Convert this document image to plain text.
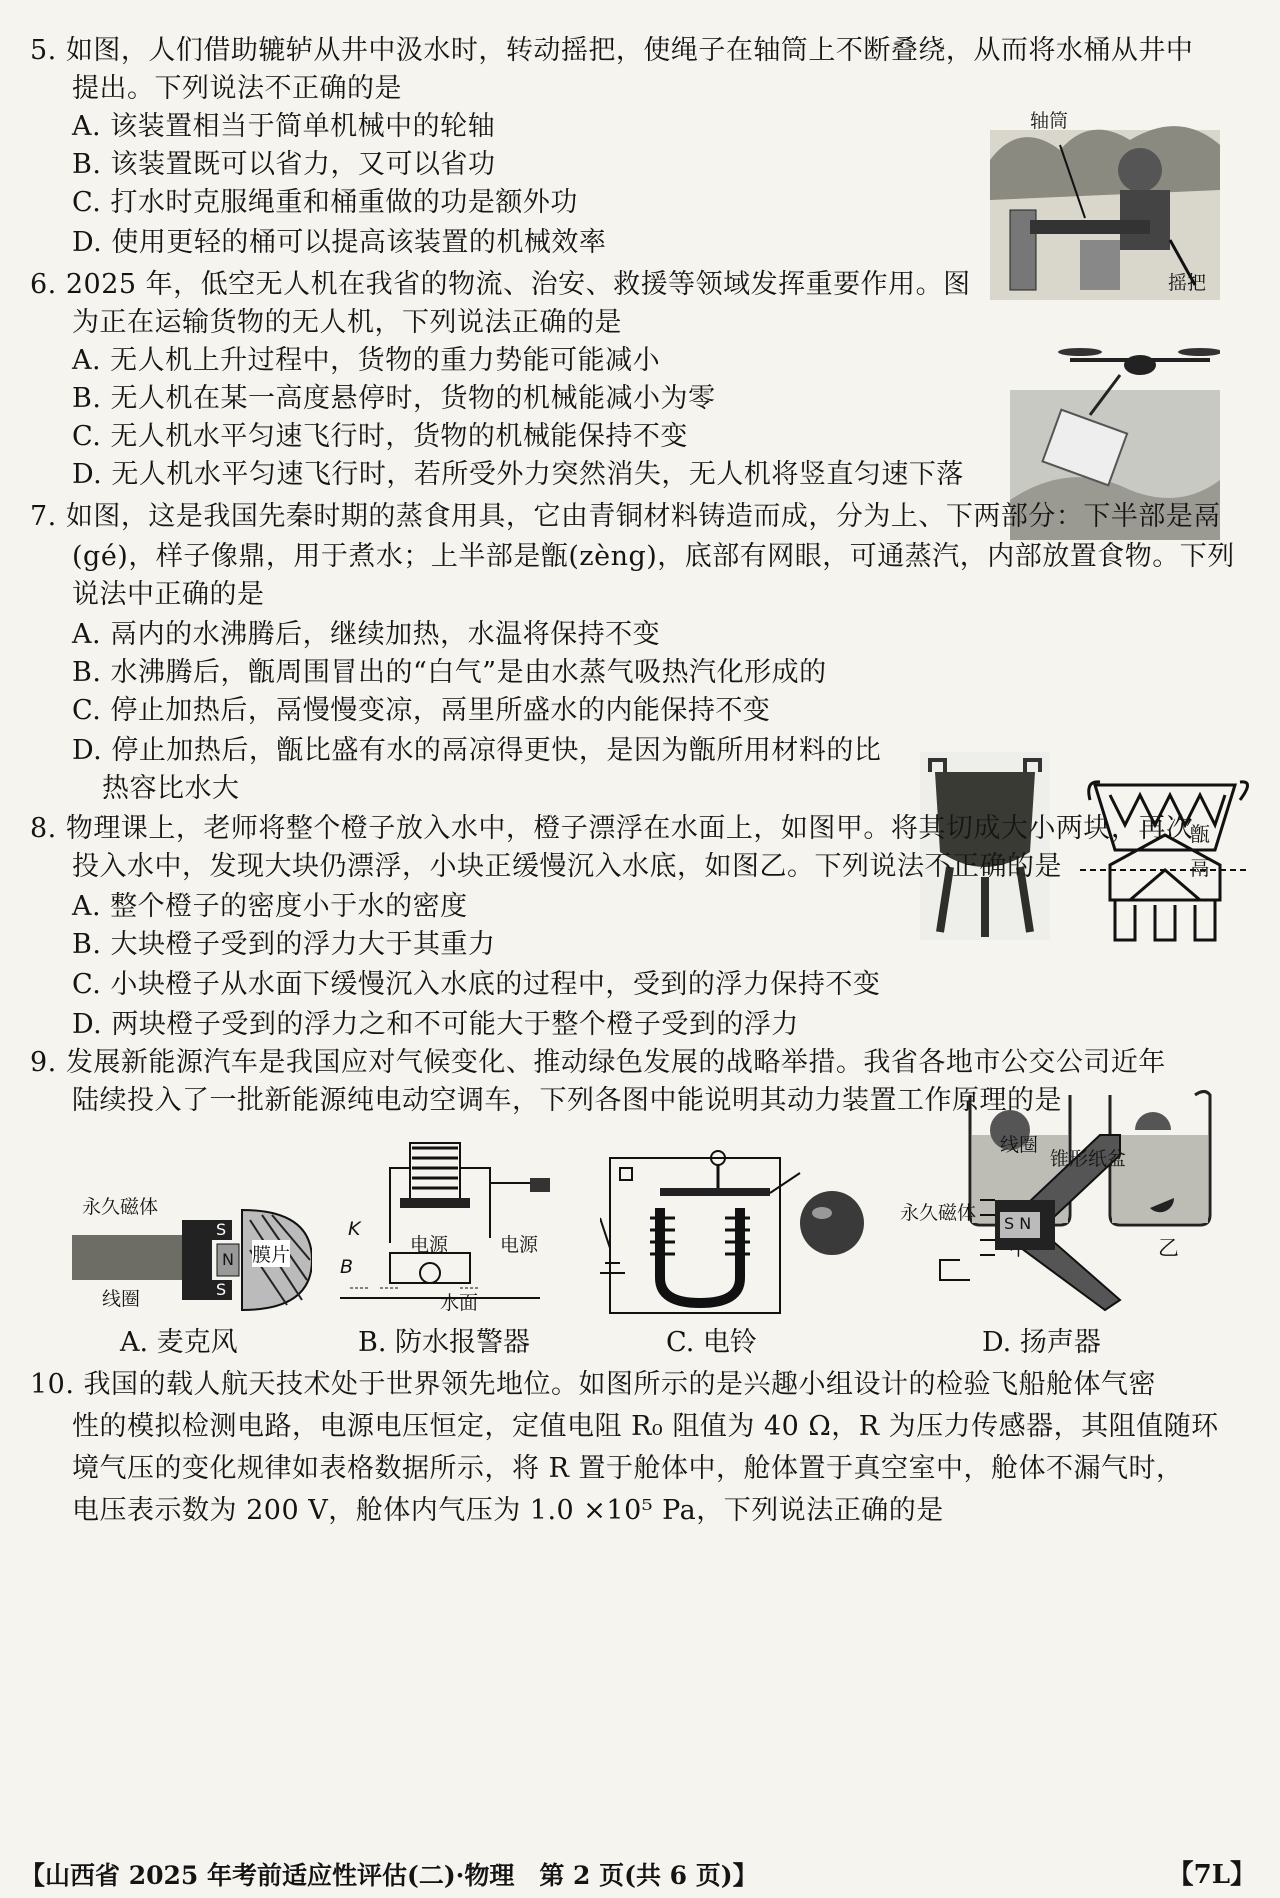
5. 如图，人们借助辘轳从井中汲水时，转动摇把，使绳子在轴筒上不断叠绕，从而将水桶从井中
提出。下列说法不正确的是
A. 该装置相当于简单机械中的轮轴
B. 该装置既可以省力，又可以省功
C. 打水时克服绳重和桶重做的功是额外功
D. 使用更轻的桶可以提高该装置的机械效率
轴筒
摇把
6. 2025 年，低空无人机在我省的物流、治安、救援等领域发挥重要作用。图
为正在运输货物的无人机，下列说法正确的是
A. 无人机上升过程中，货物的重力势能可能减小
B. 无人机在某一高度悬停时，货物的机械能减小为零
C. 无人机水平匀速飞行时，货物的机械能保持不变
D. 无人机水平匀速飞行时，若所受外力突然消失，无人机将竖直匀速下落
7. 如图，这是我国先秦时期的蒸食用具，它由青铜材料铸造而成，分为上、下两部分：下半部是鬲
(gé)，样子像鼎，用于煮水；上半部是甑(zèng)，底部有网眼，可通蒸汽，内部放置食物。下列
说法中正确的是
A. 鬲内的水沸腾后，继续加热，水温将保持不变
B. 水沸腾后，甑周围冒出的“白气”是由水蒸气吸热汽化形成的
C. 停止加热后，鬲慢慢变凉，鬲里所盛水的内能保持不变
D. 停止加热后，甑比盛有水的鬲凉得更快，是因为甑所用材料的比
热容比水大
甑
鬲
8. 物理课上，老师将整个橙子放入水中，橙子漂浮在水面上，如图甲。将其切成大小两块，再次
投入水中，发现大块仍漂浮，小块正缓慢沉入水底，如图乙。下列说法不正确的是
A. 整个橙子的密度小于水的密度
B. 大块橙子受到的浮力大于其重力
C. 小块橙子从水面下缓慢沉入水底的过程中，受到的浮力保持不变
D. 两块橙子受到的浮力之和不可能大于整个橙子受到的浮力
乙
9. 发展新能源汽车是我国应对气候变化、推动绿色发展的战略举措。我省各地市公交公司近年
陆续投入了一批新能源纯电动空调车，下列各图中能说明其动力装置工作原理的是
永久磁体
线圈
膜片
S
N
S
A. 麦克风
K
B
电源	电源
水面
B. 防水报警器	C. 电铃
线圈
锥形纸盆
永久磁体 S N
D. 扬声器
10. 我国的载人航天技术处于世界领先地位。如图所示的是兴趣小组设计的检验飞船舱体气密
性的模拟检测电路，电源电压恒定，定值电阻 R₀ 阻值为 40 Ω，R 为压力传感器，其阻值随环
境气压的变化规律如表格数据所示，将 R 置于舱体中，舱体置于真空室中，舱体不漏气时，
电压表示数为 200 V，舱体内气压为 1.0 ×10⁵ Pa，下列说法正确的是
【山西省 2025 年考前适应性评估(二)·物理　第 2 页(共 6 页)】	【7L】
